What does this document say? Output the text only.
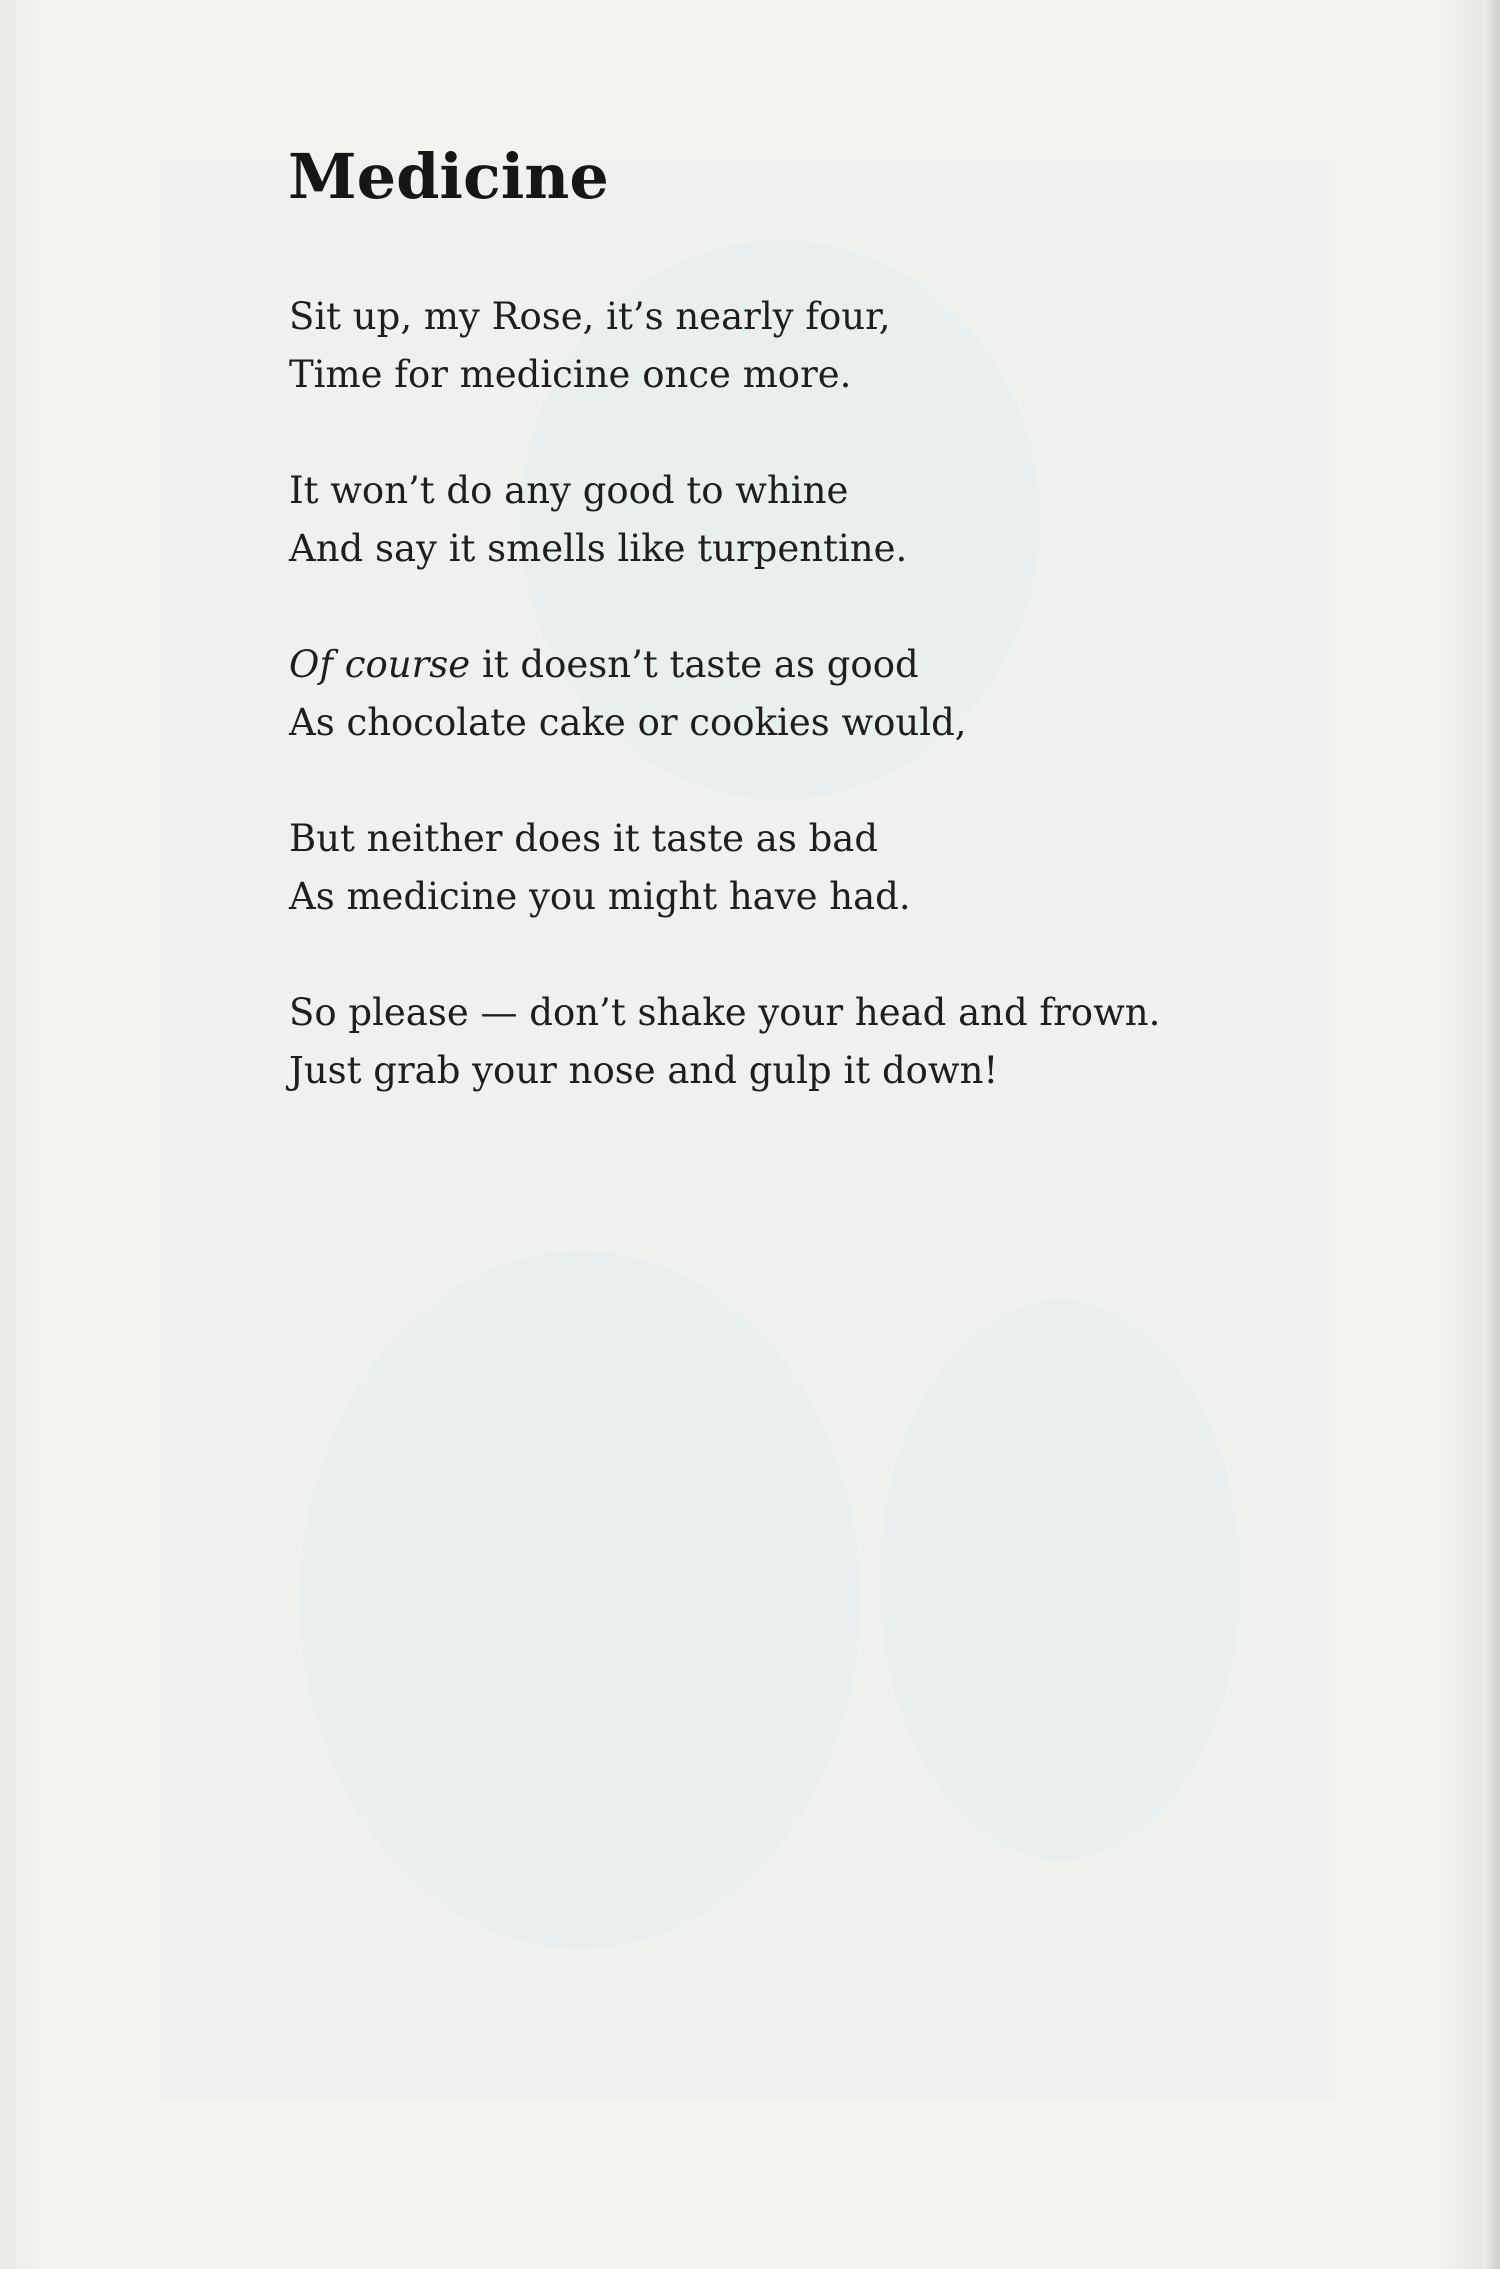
Medicine
Sit up, my Rose, it’s nearly four,
Time for medicine once more.
It won’t do any good to whine
And say it smells like turpentine.
Of course it doesn’t taste as good
As chocolate cake or cookies would,
But neither does it taste as bad
As medicine you might have had.
So please — don’t shake your head and frown.
Just grab your nose and gulp it down!
